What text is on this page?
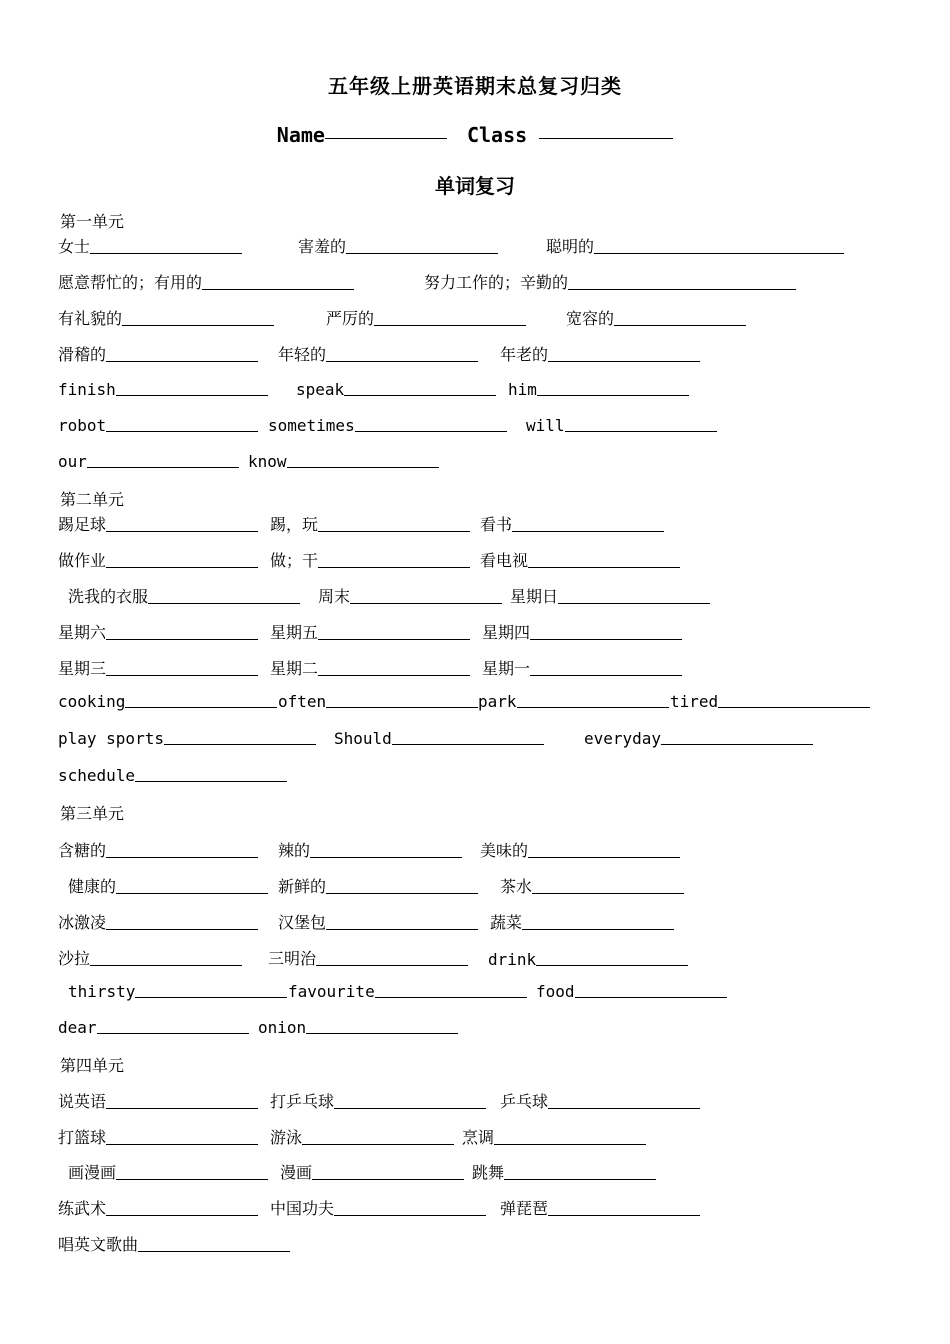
五年级上册英语期末总复习归类
Name	Class
单词复习
第一单元
女士	害羞的	聪明的
愿意帮忙的；有用的	努力工作的；辛勤的
有礼貌的	严厉的	宽容的
滑稽的	年轻的	年老的
finish	speak	him
robot	sometimes	will
our	know
第二单元
踢足球	踢，玩	看书
做作业	做；干	看电视
洗我的衣服	周末	星期日
星期六	星期五	星期四
星期三	星期二	星期一
cooking	often	park	tired
play sports	Should	everyday
schedule
第三单元
含糖的	辣的	美味的
健康的	新鲜的	茶水
冰激凌	汉堡包	蔬菜
沙拉	三明治	drink
thirsty	favourite	food
dear	onion
第四单元
说英语	打乒乓球	乒乓球
打篮球	游泳	烹调
画漫画	漫画	跳舞
练武术	中国功夫	弹琵琶
唱英文歌曲
